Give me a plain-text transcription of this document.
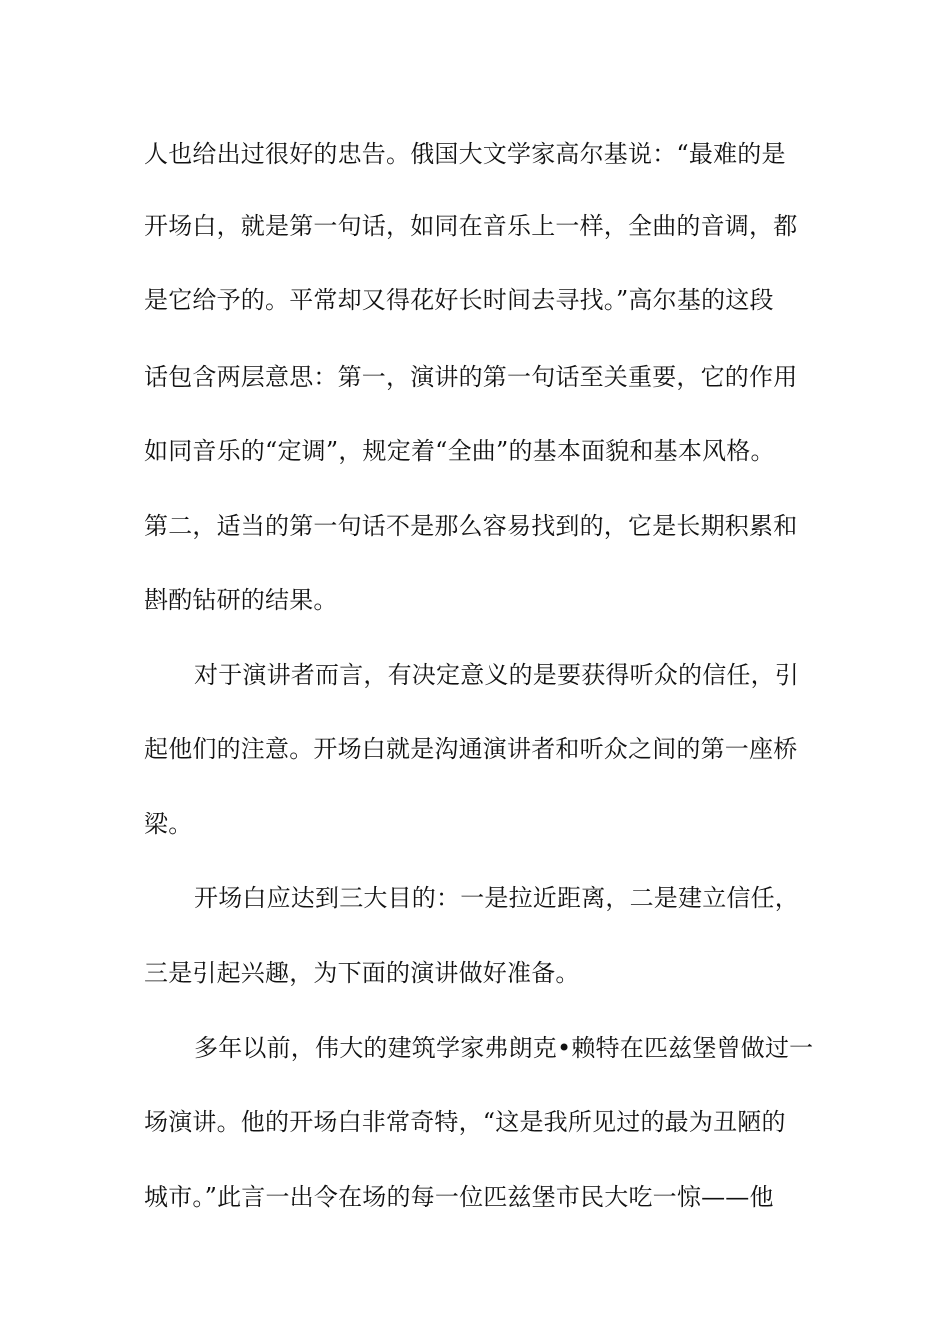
人也给出过很好的忠告。俄国大文学家高尔基说：“最难的是
开场白，就是第一句话，如同在音乐上一样，全曲的音调，都
是它给予的。平常却又得花好长时间去寻找。”高尔基的这段
话包含两层意思：第一，演讲的第一句话至关重要，它的作用
如同音乐的“定调”，规定着“全曲”的基本面貌和基本风格。
第二，适当的第一句话不是那么容易找到的，它是长期积累和
斟酌钻研的结果。
对于演讲者而言，有决定意义的是要获得听众的信任，引
起他们的注意。开场白就是沟通演讲者和听众之间的第一座桥
梁。
开场白应达到三大目的：一是拉近距离，二是建立信任，
三是引起兴趣，为下面的演讲做好准备。
多年以前，伟大的建筑学家弗朗克•赖特在匹兹堡曾做过一
场演讲。他的开场白非常奇特，“这是我所见过的最为丑陋的
城市。”此言一出令在场的每一位匹兹堡市民大吃一惊——他
